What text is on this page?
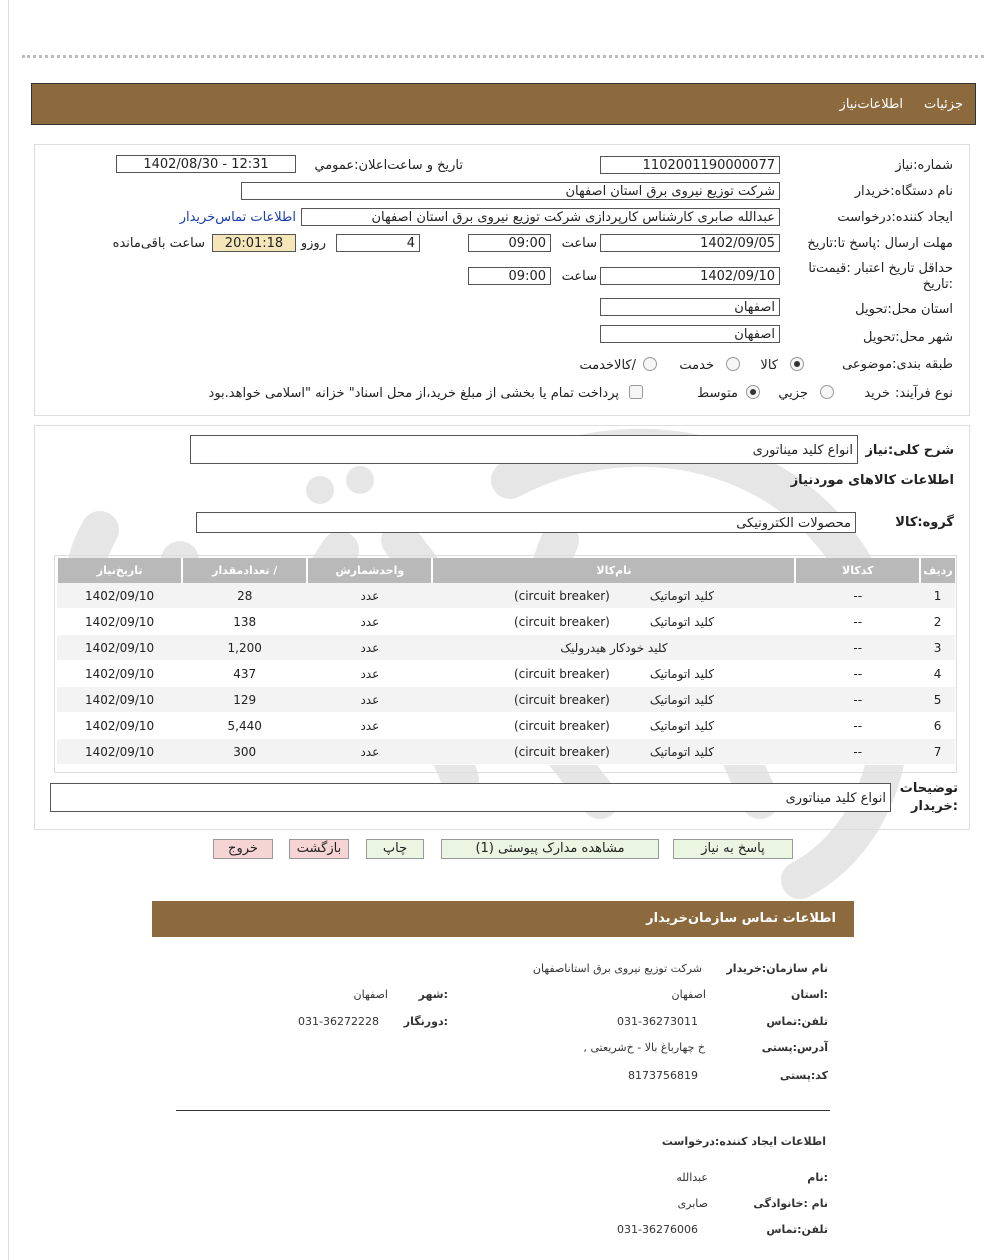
جزئیات
اطلاعات‌نیاز
شماره:نیاز
1102001190000077
تاریخ و ساعت‌اعلان:عمومي
1402/08/30 - 12:31
نام دستگاه:خریدار
شرکت توزیع نیروی برق استان اصفهان
ایجاد کننده:درخواست
عبدالله صابری کارشناس کارپردازی شرکت توزیع نیروی برق استان اصفهان
اطلاعات تماس‌خریدار
مهلت ارسال :پاسخ تا:تاریخ
1402/09/05
ساعت
09:00
4
روزو
20:01:18
ساعت باقی‌مانده
حداقل تاریخ اعتبار :قیمت‌تا
:تاریخ
1402/09/10
ساعت
09:00
استان محل:تحویل
اصفهان
شهر محل:تحویل
اصفهان
طبقه بندی:موضوعی
کالا
خدمت
/کالاخدمت
نوع فرآیند:
خرید
جزيي
متوسط
پرداخت تمام یا بخشی از مبلغ خرید،از محل اسناد" خزانه "اسلامی خواهد.بود
شرح کلی:نیاز
انواع کلید میناتوری
اطلاعات کالاهای موردنیاز
گروه:کالا
محصولات الکترونیکی
ردیف	کدکالا	نام‌کالا	واحدشمارش	/ تعدادمقدار	تاریخ‌نیاز
1	--	کلید اتوماتیک(circuit breaker)	عدد	28	1402/09/10
2	--	کلید اتوماتیک(circuit breaker)	عدد	138	1402/09/10
3	--	کلید خودکار هیدرولیک	عدد	1,200	1402/09/10
4	--	کلید اتوماتیک(circuit breaker)	عدد	437	1402/09/10
5	--	کلید اتوماتیک(circuit breaker)	عدد	129	1402/09/10
6	--	کلید اتوماتیک(circuit breaker)	عدد	5,440	1402/09/10
7	--	کلید اتوماتیک(circuit breaker)	عدد	300	1402/09/10
توضیحات
:خریدار
انواع کلید میناتوری
پاسخ به نیاز
مشاهده مدارک پیوستی (1)
چاپ
بازگشت
خروج
اطلاعات تماس سازمان‌خریدار
نام سازمان:خریدار
شرکت توزیع نیروی برق استاناصفهان
:استان
اصفهان
:شهر
اصفهان
تلفن:تماس
031-36273011
:دورنگار
031-36272228
آدرس:پستی
خ چهارباغ بالا - خ‌شریعتی ,
کد:پستی
8173756819
اطلاعات ایجاد کننده:درخواست
:نام
عبدالله
نام :خانوادگی
صابری
تلفن:تماس
031-36276006
